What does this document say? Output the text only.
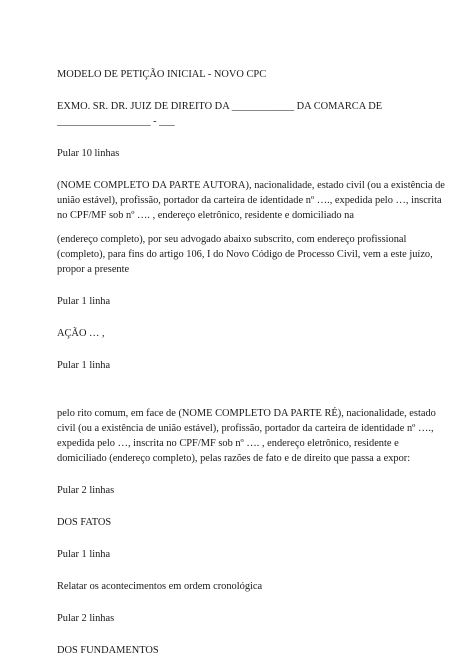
MODELO DE PETIÇÃO INICIAL - NOVO CPC

EXMO. SR. DR. JUIZ DE DIREITO DA ____________ DA COMARCA DE

__________________ - ___

Pular 10 linhas

(NOME COMPLETO DA PARTE AUTORA), nacionalidade, estado civil (ou a existência de

união estável), profissão, portador da carteira de identidade nº …., expedida pelo …, inscrita

no CPF/MF sob nº …. , endereço eletrônico, residente e domiciliado na

(endereço completo), por seu advogado abaixo subscrito, com endereço profissional

(completo), para fins do artigo 106, I do Novo Código de Processo Civil, vem a este juízo,

propor a presente

Pular 1 linha

AÇÃO … ,

Pular 1 linha

pelo rito comum, em face de (NOME COMPLETO DA PARTE RÉ), nacionalidade, estado

civil (ou a existência de união estável), profissão, portador da carteira de identidade nº ….,

expedida pelo …, inscrita no CPF/MF sob nº …. , endereço eletrônico, residente e

domiciliado (endereço completo), pelas razões de fato e de direito que passa a expor:

Pular 2 linhas

DOS FATOS

Pular 1 linha

Relatar os acontecimentos em ordem cronológica

Pular 2 linhas

DOS FUNDAMENTOS
